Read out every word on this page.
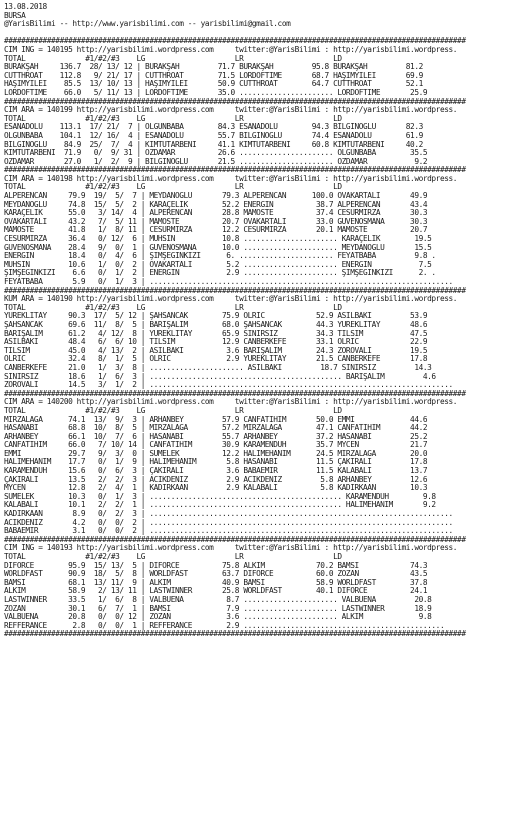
13.08.2018
BURSA
@YarisBilimi -- http://www.yarisbilimi.com -- yarisbilimi@gmail.com
############################################################################################################
CIM ING = 140195 http://yarisbilimi.wordpress.com     twitter:@YarisBilimi : http://yarisbilimi.wordpress.
TOTAL              #1/#2/#3    LG                     LR                     LD
BURAKŞAH     136.7  28/ 13/ 12 | BURAKŞAH         71.7 BURAKŞAH         95.8 BURAKŞAH         81.2
CUTTHROAT    112.8   9/ 21/ 17 | CUTTHROAT        71.5 LORDOFTIME       68.7 HAŞİMYİLEİ       69.9
HAŞİMYİLEİ    85.5  13/ 10/ 13 | HAŞİMYİLEİ       50.9 CUTTHROAT        64.7 CUTTHROAT        52.1
LORDOFTIME    66.0   5/ 11/ 13 | LORDOFTIME       35.0 ...................... LORDOFTIME       25.9
############################################################################################################
CIM ARA = 140199 http://yarisbilimi.wordpress.com     twitter:@YarisBilimi : http://yarisbilimi.wordpress.
TOTAL              #1/#2/#3    LG                     LR                     LD
ESANADOLU    113.1  17/ 21/  7 | OLGUNBABA        84.3 ESANADOLU        94.3 BİLGİNOĞLU       82.3
OLGUNBABA    104.1  12/ 16/  4 | ESANADOLU        55.7 BİLGİNOĞLU       74.4 ESANADOLU        61.9
BİLGİNOĞLU    84.9  25/  7/  4 | KİMTUTARBENİ     41.1 KİMTUTARBENİ     60.8 KİMTUTARBENİ     40.2
KİMTUTARBENİ  71.9   0/  9/ 31 | ÖZDAMAR          26.6 ...................... OLGUNBABA        35.5
ÖZDAMAR       27.0   1/  2/  9 | BİLGİNOĞLU       21.5 ...................... ÖZDAMAR           9.2
############################################################################################################
CIM ARA = 140198 http://yarisbilimi.wordpress.com     twitter:@YarisBilimi : http://yarisbilimi.wordpress.
TOTAL              #1/#2/#3    LG                     LR                     LD
ALPERENCAN     79.9  19/  5/  7 | MEYDANOĞLU       79.3 ALPERENCAN      100.0 OVAKARTALI       49.9
MEYDANOĞLU     74.8  15/  5/  2 | KARAÇELİK        52.2 ENERGİN          38.7 ALPERENCAN       43.4
KARAÇELİK      55.0   3/ 14/  4 | ALPERENCAN       28.8 MAMOSTE          37.4 CESURMİRZA       30.3
OVAKARTALI     43.2   7/  5/ 11 | MAMOSTE          20.7 OVAKARTALI       33.0 GÜVENOSMANA      30.3
MAMOSTE        41.8   1/  8/ 11 | CESURMİRZA       12.2 CESURMİRZA       20.1 MAMOSTE          20.7
CESURMİRZA     36.4   0/ 12/  6 | MUHSİN           10.8 ...................... KARAÇELİK        19.5
GÜVENOSMANA    28.4   9/  0/  1 | GÜVENOSMANA      10.0 ...................... MEYDANOĞLU       15.5
ENERGİN        18.4   0/  4/  6 | ŞİMŞEĞİNKIZI      6. ...................... FEYATBABA         9.8 .
MUHSİN         10.6   1/  0/  2 | OVAKARTALI        5.2 ...................... ENERGİN           7.5
ŞİMŞEĞİNKIZI    6.6   0/  1/  2 | ENERGİN           2.9 ...................... ŞİMŞEĞİNKIZI      2. .
FEYATBABA       5.9   0/  1/  3 | .......................................................................
############################################################################################################
KUM ARA = 140190 http://yarisbilimi.wordpress.com     twitter:@YarisBilimi : http://yarisbilimi.wordpress.
TOTAL              #1/#2/#3    LG                     LR                     LD
YÜREKLİTAY     90.3  17/  5/ 12 | ŞAHSANCAK        75.9 OLRIC            52.9 ASİLBAKİ         53.9
ŞAHSANCAK      69.6  11/  8/  5 | BARIŞALIM        68.0 ŞAHSANCAK        44.3 YÜREKLİTAY       48.6
BARIŞALIM      61.2   4/ 12/  8 | YÜREKLİTAY       65.9 SINIRSIZ         34.3 TILSIM           47.5
ASİLBAKİ       48.4   6/  6/ 10 | TILSIM           12.9 CANBERKEFE       33.1 OLRIC            22.9
TILSIM         45.0   4/ 13/  2 | ASİLBAKİ          3.6 BARIŞALIM        24.3 ZOROVALI         19.5
OLRIC          32.4   8/  1/  5 | OLRIC             2.9 YÜREKLİTAY       21.5 CANBERKEFE       17.8
CANBERKEFE     21.0   1/  3/  8 | ...................... ASİLBAKİ         18.7 SINIRSIZ         14.3
SINIRSIZ       18.6   1/  6/  3 | ............................................. BARIŞALIM         4.6
ZOROVALI       14.5   3/  1/  2 | .......................................................................
############################################################################################################
CIM ARA = 140200 http://yarisbilimi.wordpress.com     twitter:@YarisBilimi : http://yarisbilimi.wordpress.
TOTAL              #1/#2/#3    LG                     LR                     LD
MİRZALAĞA      74.1  13/  9/  3 | ARHANBEY         57.9 CANFATİHİM       50.0 EMMİ             44.6
HASANABİ       68.8  10/  8/  5 | MİRZALAĞA        57.2 MİRZALAĞA        47.1 CANFATİHİM       44.2
ARHANBEY       66.1  10/  7/  6 | HASANABİ         55.7 ARHANBEY         37.2 HASANABİ         25.2
CANFATİHİM     66.0   7/ 10/ 14 | CANFATİHİM       30.9 KARAMENDUH       35.7 MYCEN            21.7
EMMİ           29.7   9/  3/  0 | SUMELEK          12.2 HALİMEHANIM      24.5 MİRZALAĞA        20.0
HALİMEHANIM    17.7   0/  1/  9 | HALİMEHANIM       5.8 HASANABİ         11.5 ÇAKIRALİ         17.8
KARAMENDUH     15.6   0/  6/  3 | ÇAKIRALİ          3.6 BABAEMİR         11.5 KALABALI         13.7
ÇAKIRALİ       13.5   2/  2/  3 | ACIKDENİZ         2.9 ACIKDENİZ         5.8 ARHANBEY         12.6
MYCEN          12.8   2/  4/  1 | KADİRKAAN         2.9 KALABALI          5.8 KADİRKAAN        10.3
SUMELEK        10.3   0/  1/  3 | ............................................. KARAMENDUH        9.8
KALABALI       10.1   2/  2/  1 | ............................................. HALİMEHANIM       9.2
KADİRKAAN       8.9   0/  2/  3 | .......................................................................
ACIKDENİZ       4.2   0/  0/  2 | .......................................................................
BABAEMİR        3.1   0/  0/  2 | .......................................................................
############################################################################################################
CIM ING = 140193 http://yarisbilimi.wordpress.com     twitter:@YarisBilimi : http://yarisbilimi.wordpress.
TOTAL              #1/#2/#3    LG                     LR                     LD
DIFORCE        95.9  15/ 13/  5 | DIFORCE          75.8 ALKIM            70.2 BAMSI            74.3
WORLDFAST      90.9  18/  5/  8 | WORLDFAST        63.7 DIFORCE          60.0 ZOZAN            43.5
BAMSI          68.1  13/ 11/  9 | ALKIM            40.9 BAMSI            58.9 WORLDFAST        37.8
ALKIM          58.9   2/ 13/ 11 | LASTWINNER       25.8 WORLDFAST        40.1 DIFORCE          24.1
LASTWINNER     33.5   1/  6/  8 | VALBUENA          8.7 ...................... VALBUENA         20.8
ZOZAN          30.1   6/  7/  1 | BAMSI             7.9 ...................... LASTWINNER       18.9
VALBUENA       20.8   0/  0/ 12 | ZOZAN             3.6 ...................... ALKIM             9.8
REFFERANCE      2.8   0/  0/  1 | REFFERANCE        2.9 ...............................................
############################################################################################################
